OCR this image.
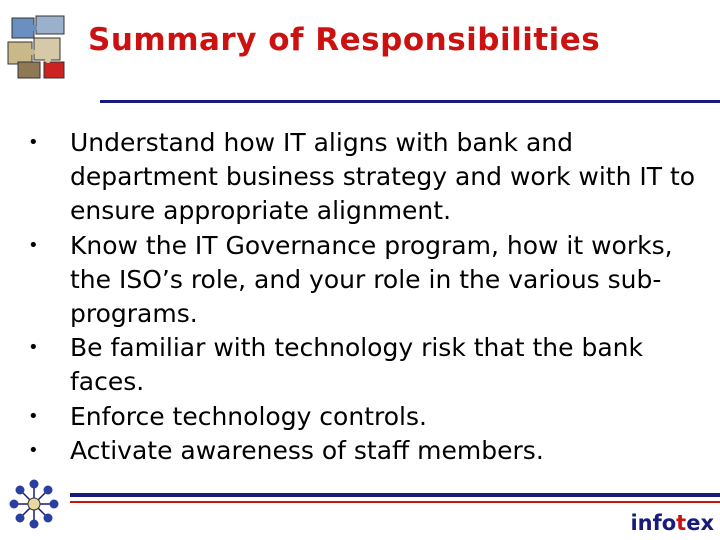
Summary of Responsibilities
• Understand how IT aligns with bank and department business strategy and work with IT to ensure appropriate alignment.
• Know the IT Governance program, how it works, the ISO’s role, and your role in the various sub-programs.
• Be familiar with technology risk that the bank faces.
• Enforce technology controls.
• Activate awareness of staff members.
infotex
